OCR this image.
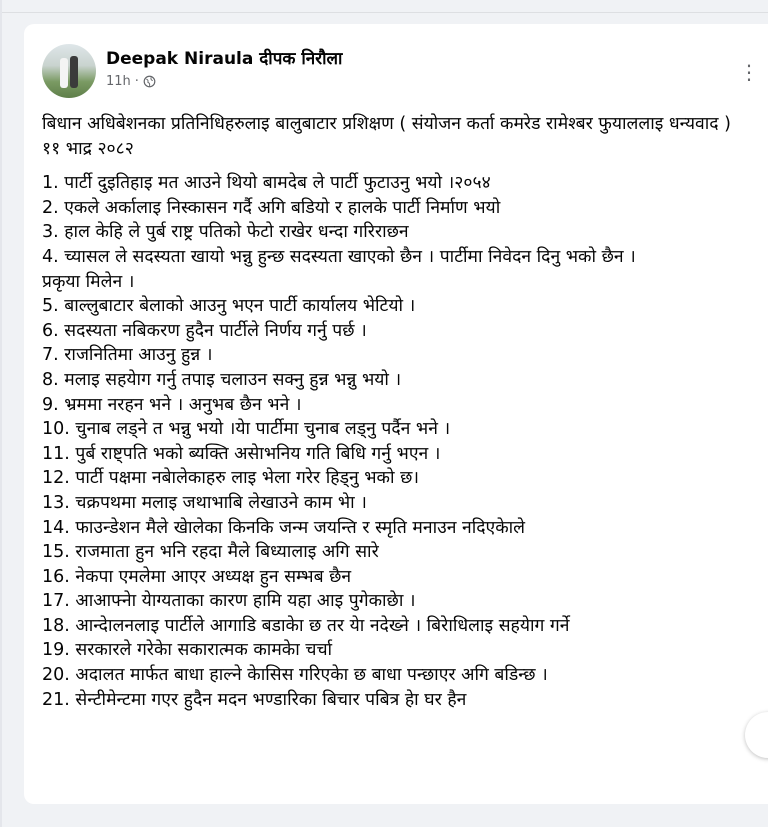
Deepak Niraula दीपक निरौला
11h ·	⋮

बिधान अधिबेशनका प्रतिनिधिहरुलाइ बालुबाटार प्रशिक्षण ( संयोजन कर्ता कमरेड रामेश्बर फुयाललाइ धन्यवाद )

११ भाद्र २०८२

1. पार्टी दुइतिहाइ मत आउने थियो बामदेब ले पार्टी फुटाउनु भयो ।२०५४
2. एकले अर्कालाइ निस्कासन गर्दै अगि बडियो र हालके पार्टी निर्माण भयो
3. हाल केहि ले पुर्ब राष्ट्र पतिको फेटो राखेर धन्दा गरिराछन
4. च्यासल ले सदस्यता खायो भन्नु हुन्छ सदस्यता खाएको छैन । पार्टीमा निवेदन दिनु भको छैन ।
प्रकृया मिलेन ।
5. बाल्लुबाटार बेलाको आउनु भएन पार्टी कार्यालय भेटियो ।
6. सदस्यता नबिकरण हुदैन पार्टीले निर्णय गर्नु पर्छ ।
7. राजनितिमा आउनु हुन्न ।
8. मलाइ सहयेाग गर्नु तपाइ चलाउन सक्नु हुन्न भन्नु भयो ।
9. भ्रममा नरहन भने । अनुभब छैन भने ।
10. चुनाब लड्ने त भन्नु भयो ।येा पार्टीमा चुनाब लड्नु पर्दैन भने ।
11. पुर्ब राष्ट्पति भको ब्यक्ति असेाभनिय गति बिधि गर्नु भएन ।
12. पार्टी पक्षमा नबेालेकाहरु लाइ भेला गरेर हिड्नु भको छ।
13. चक्रपथमा मलाइ जथाभाबि लेखाउने काम भेा ।
14. फाउन्डेशन मैले खेालेका किनकि जन्म जयन्ति र स्मृति मनाउन नदिएकेाले
15. राजमाता हुन भनि रहदा मैले बिध्यालाइ अगि सारे
16. नेकपा एमलेमा आएर अध्यक्ष हुन सम्भब छैन
17. आआफ्नेा येाग्यताका कारण हामि यहा आइ पुगेकाछेा ।
18. आन्देालनलाइ पार्टीले आगाडि बडाकेा छ तर येा नदेख्ने । बिरेाधिलाइ सहयेाग गर्ने
19. सरकारले गरेकेा सकारात्मक कामकेा चर्चा
20. अदालत मार्फत बाधा हाल्ने केासिस गरिएकेा छ बाधा पन्छाएर अगि बडिन्छ ।
21. सेन्टीमेन्टमा गएर हुदैन मदन भण्डारिका बिचार पबित्र हेा घर हैन
